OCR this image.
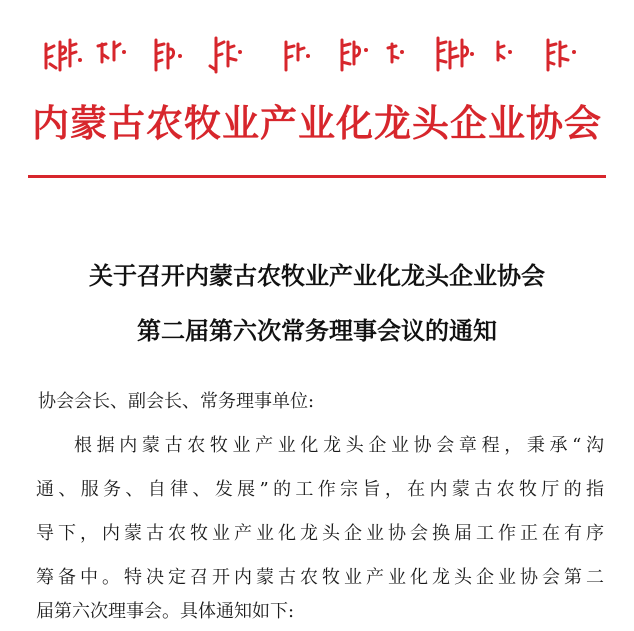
内蒙古农牧业产业化龙头企业协会
关于召开内蒙古农牧业产业化龙头企业协会
第二届第六次常务理事会议的通知
协会会长、副会长、常务理事单位:
根据内蒙古农牧业产业化龙头企业协会章程，秉承“沟
通、服务、自律、发展”的工作宗旨，在内蒙古农牧厅的指
导下，内蒙古农牧业产业化龙头企业协会换届工作正在有序
筹备中。特决定召开内蒙古农牧业产业化龙头企业协会第二
届第六次理事会。具体通知如下:
